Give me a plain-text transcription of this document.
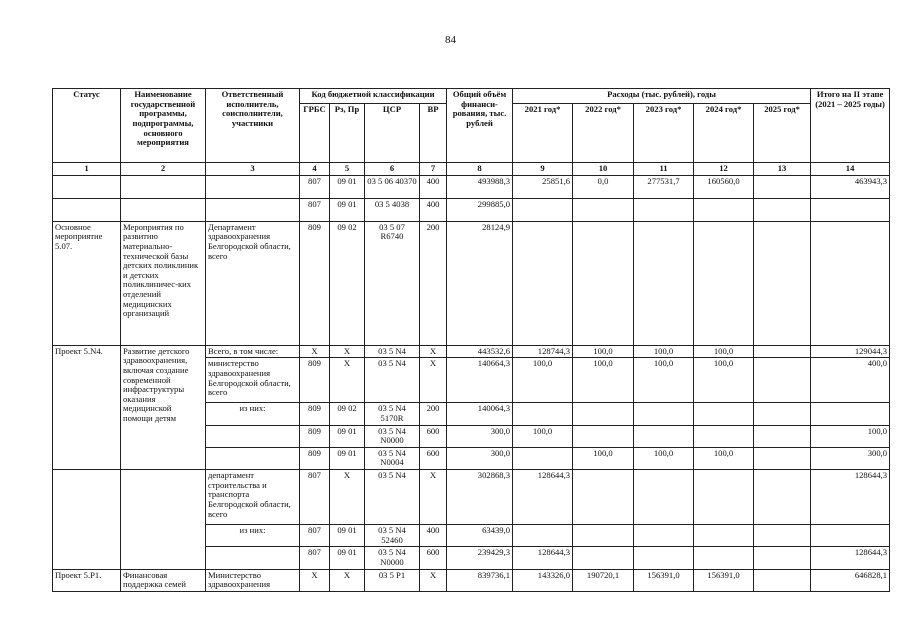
84
Статус	Наименование государственной программы, подпрограммы, основного мероприятия	Ответственный исполнитель, соисполнители, участники	Код бюджетной классификации				Общий объём финанси-рования, тыс. рублей	Расходы (тыс. рублей), годы					Итого на II этапе (2021 – 2025 годы)
			ГРБС	Рз, Пр	ЦСР	ВР		2021 год*	2022 год*	2023 год*	2024 год*	2025 год*	
1	2	3	4	5	6	7	8	9	10	11	12	13	14
			807	09 01	03 5 06 40370	400	493988,3	25851,6	0,0	277531,7	160560,0		463943,3
			807	09 01	03 5 4038	400	299885,0						
Основное мероприятие 5.07.	Мероприятия по развитию материально-технической базы детских поликлиник и детских поликлиничес-ких отделений медицинских организаций	Департамент здравоохранения Белгородской области, всего	809	09 02	03 5 07 R6740	200	28124,9						
Проект 5.N4.	Развитие детского здравоохранения, включая создание современной инфраструктуры оказания медицинской помощи детям	Всего, в том числе:	X	X	03 5 N4	X	443532,6	128744,3	100,0	100,0	100,0		129044,3
		министерство здравоохранения Белгородской области, всего	809	X	03 5 N4	X	140664,3	100,0	100,0	100,0	100,0		400,0
		из них:	809	09 02	03 5 N4 5170R	200	140064,3						
			809	09 01	03 5 N4 N0000	600	300,0	100,0					100,0
			809	09 01	03 5 N4 N0004	600	300,0		100,0	100,0	100,0		300,0
		департамент строительства и транспорта Белгородской области, всего	807	X	03 5 N4	X	302868,3	128644,3					128644,3
		из них:	807	09 01	03 5 N4 52460	400	63439,0						
			807	09 01	03 5 N4 N0000	600	239429,3	128644,3					128644,3
Проект 5.Р1.	Финансовая поддержка семей	Министерство здравоохранения	X	X	03 5 P1	X	839736,1	143326,0	190720,1	156391,0	156391,0		646828,1
